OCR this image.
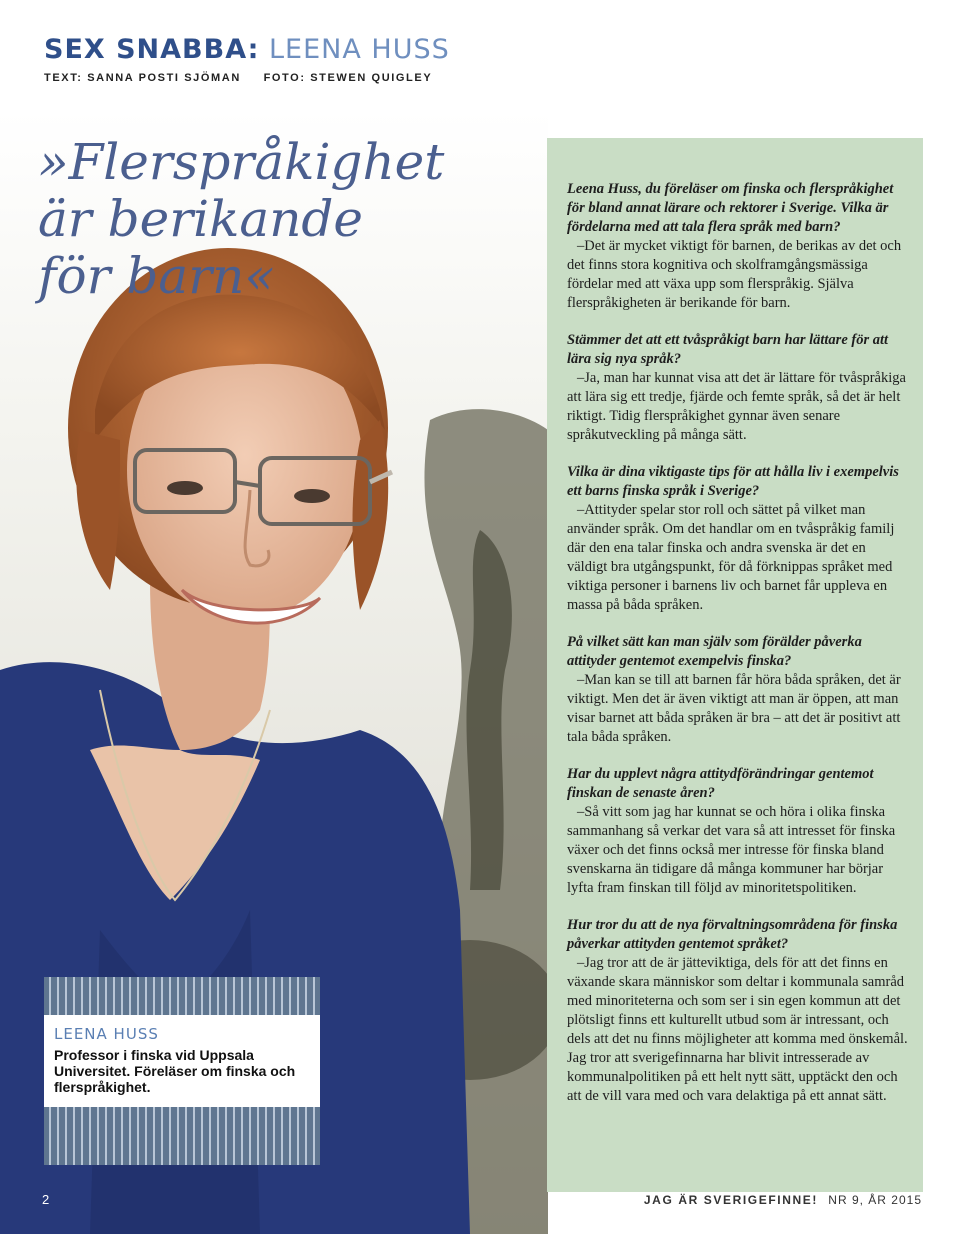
SEX SNABBA: LEENA HUSS
TEXT: SANNA POSTI SJÖMAN FOTO: STEWEN QUIGLEY
»Flerspråkighet
är berikande
för barn«
LEENA HUSS
Professor i finska vid Uppsala Universitet. Föreläser om finska och flerspråkighet.

Leena Huss, du föreläser om finska och flerspråkighet för bland annat lärare och rektorer i Sverige. Vilka är fördelarna med att tala flera språk med barn?

–Det är mycket viktigt för barnen, de berikas av det och det finns stora kognitiva och skolframgångsmässiga fördelar med att växa upp som flerspråkig. Själva flerspråkigheten är berikande för barn.

Stämmer det att ett tvåspråkigt barn har lättare för att lära sig nya språk?

–Ja, man har kunnat visa att det är lättare för tvåspråkiga att lära sig ett tredje, fjärde och femte språk, så det är helt riktigt. Tidig flerspråkighet gynnar även senare språkutveckling på många sätt.

Vilka är dina viktigaste tips för att hålla liv i exempelvis ett barns finska språk i Sverige?

–Attityder spelar stor roll och sättet på vilket man använder språk. Om det handlar om en tvåspråkig familj där den ena talar finska och andra svenska är det en väldigt bra utgångspunkt, för då förknippas språket med viktiga personer i barnens liv och barnet får uppleva en massa på båda språken.

På vilket sätt kan man själv som förälder påverka attityder gentemot exempelvis finska?

–Man kan se till att barnen får höra båda språken, det är viktigt. Men det är även viktigt att man är öppen, att man visar barnet att båda språken är bra – att det är positivt att tala båda språken.

Har du upplevt några attitydförändringar gentemot finskan de senaste åren?

–Så vitt som jag har kunnat se och höra i olika finska sammanhang så verkar det vara så att intresset för finska växer och det finns också mer intresse för finska bland svenskarna än tidigare då många kommuner har börjar lyfta fram finskan till följd av minoritetspolitiken.

Hur tror du att de nya förvaltningsområdena för finska påverkar attityden gentemot språket?

–Jag tror att de är jätteviktiga, dels för att det finns en växande skara människor som deltar i kommunala samråd med minoriteterna och som ser i sin egen kommun att det plötsligt finns ett kulturellt utbud som är intressant, och dels att det nu finns möjligheter att komma med önskemål. Jag tror att sverigefinnarna har blivit intresserade av kommunalpolitiken på ett helt nytt sätt, upptäckt den och att de vill vara med och vara delaktiga på ett annat sätt.

2	JAG ÄR SVERIGEFINNE! NR 9, ÅR 2015
